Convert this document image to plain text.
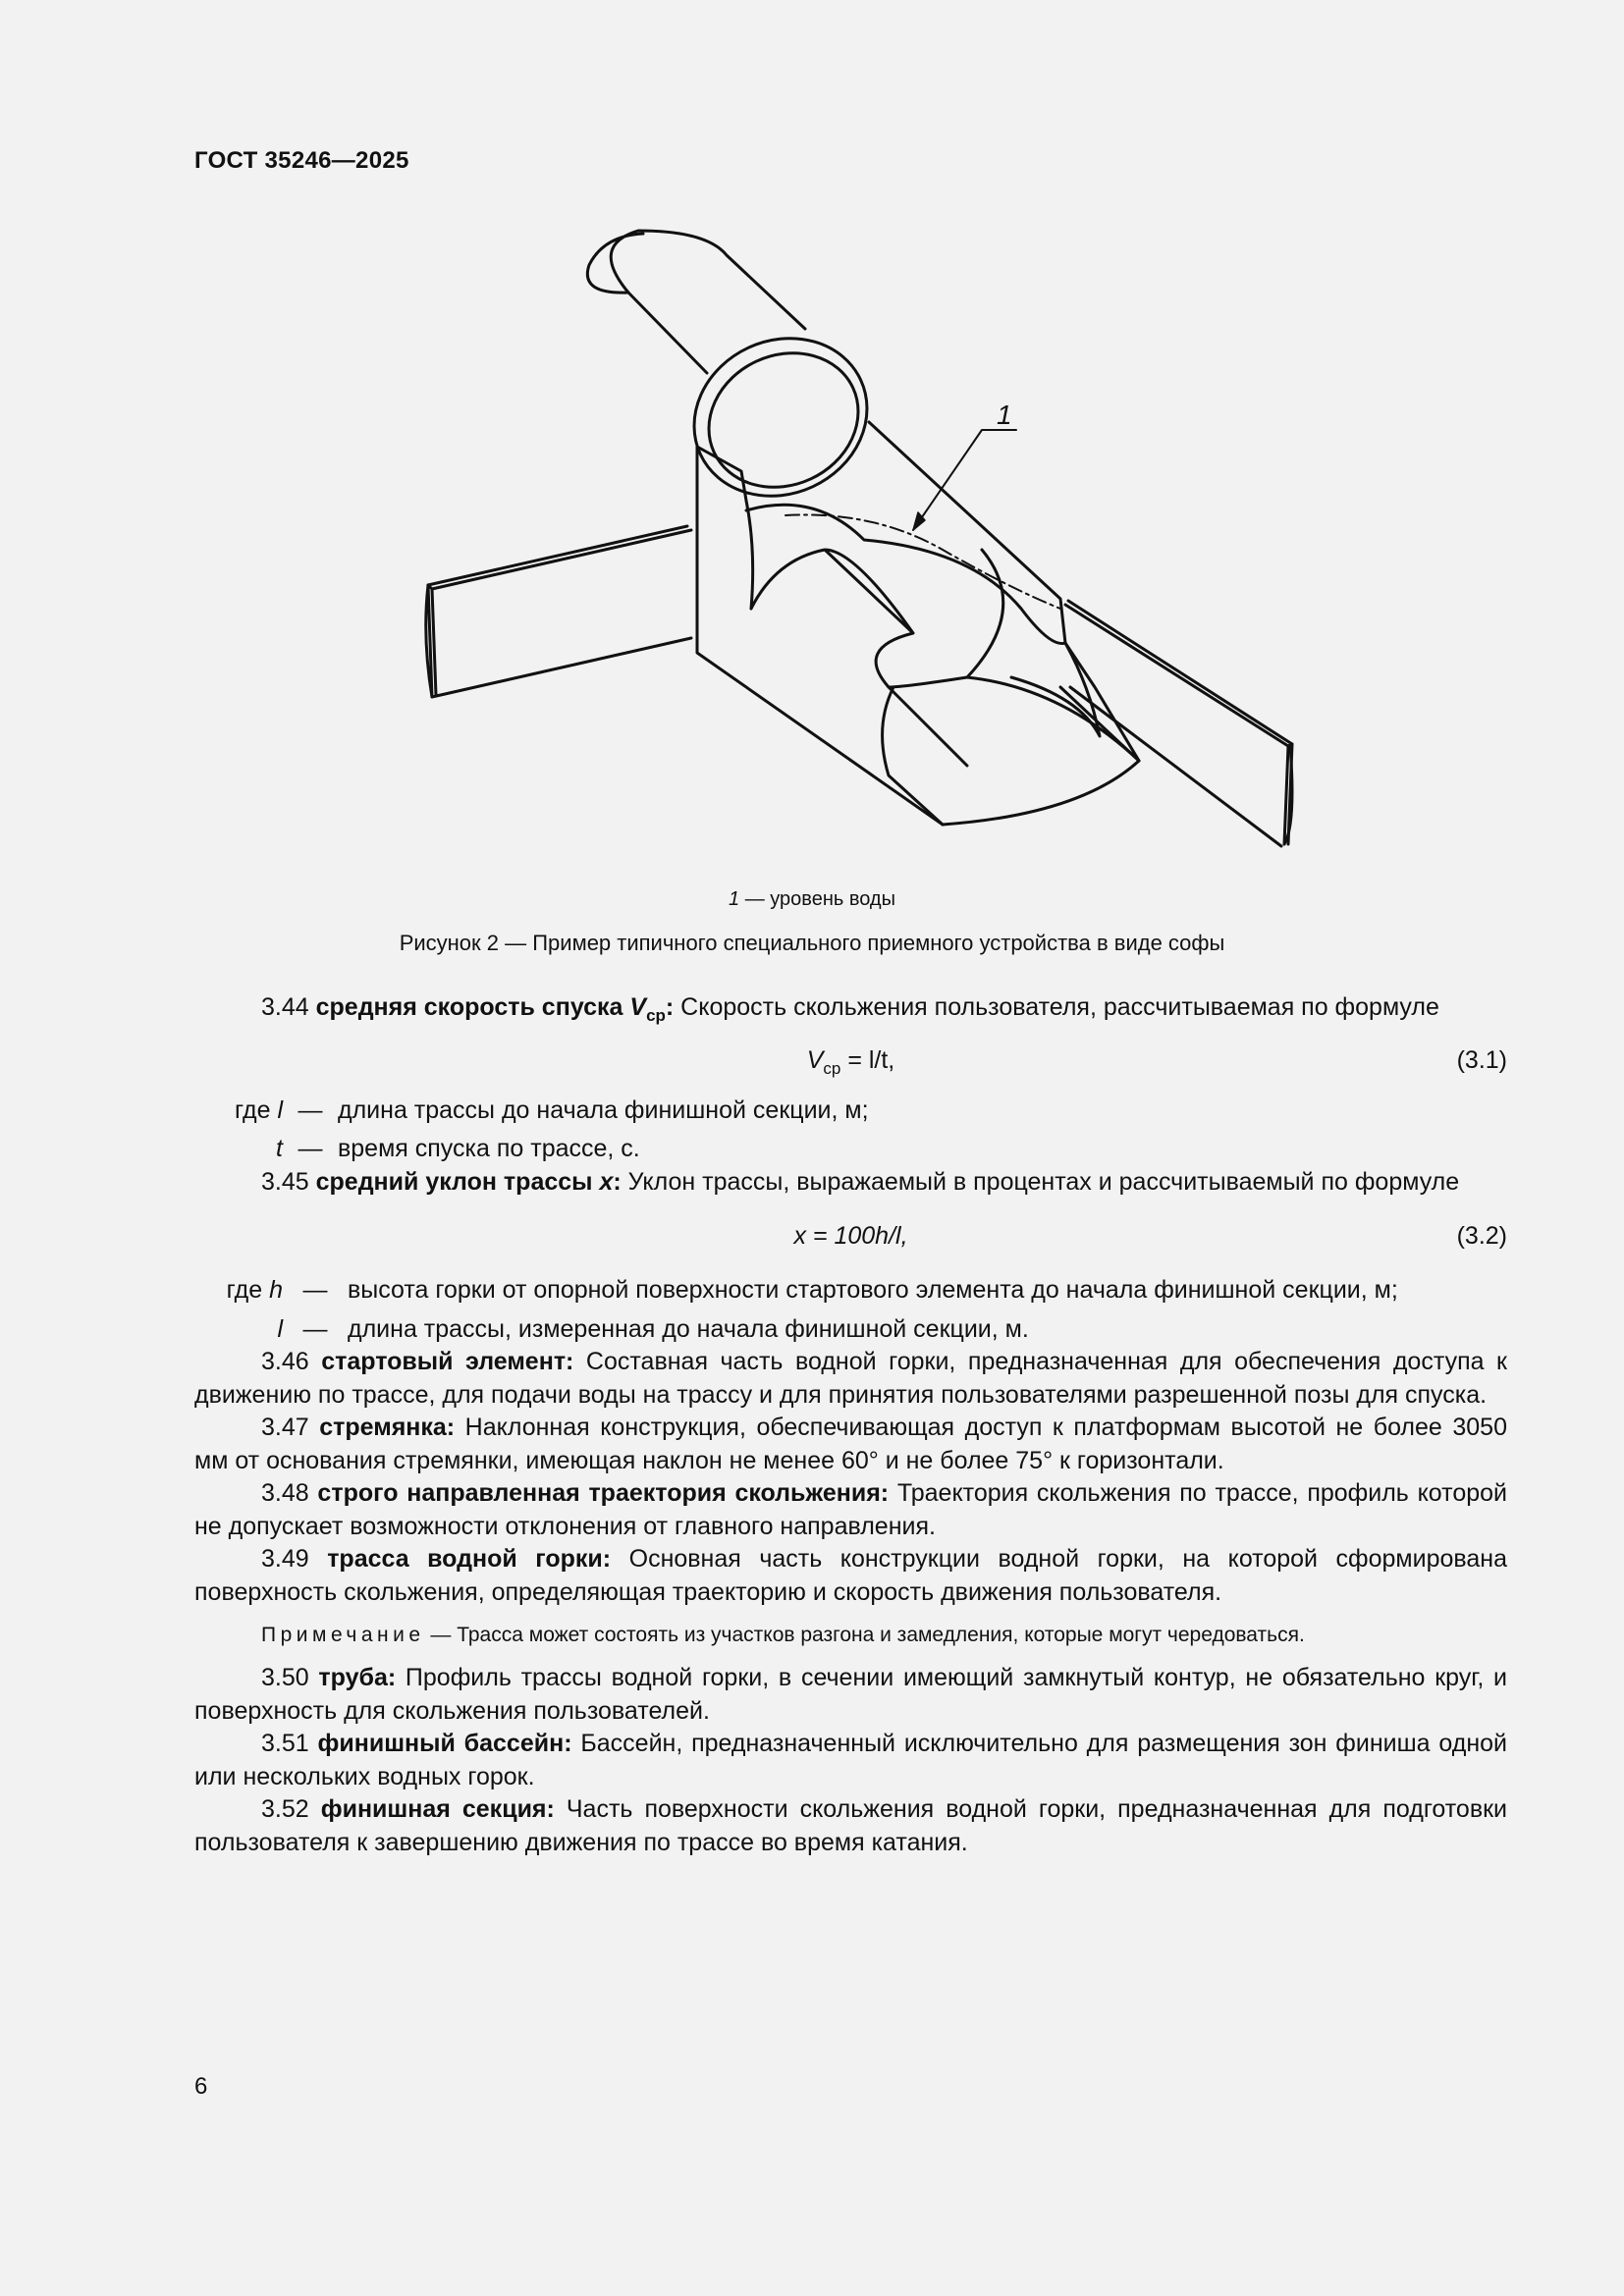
ГОСТ 35246—2025
1
1 — уровень воды
Рисунок 2 — Пример типичного специального приемного устройства в виде софы

3.44 средняя скорость спуска $V_{ср}$: Скорость скольжения пользователя, рассчитываемая по формуле

$V_{ср} = l/t$,	(3.1)
где l — длина трассы до начала финишной секции, м;
t — время спуска по трассе, с.

3.45 средний уклон трассы x: Уклон трассы, выражаемый в процентах и рассчитываемый по формуле

x = 100h/l,	(3.2)
где h — высота горки от опорной поверхности стартового элемента до начала финишной секции, м;
l — длина трассы, измеренная до начала финишной секции, м.

3.46 стартовый элемент: Составная часть водной горки, предназначенная для обеспечения доступа к движению по трассе, для подачи воды на трассу и для принятия пользователями разрешенной позы для спуска.

3.47 стремянка: Наклонная конструкция, обеспечивающая доступ к платформам высотой не более 3050 мм от основания стремянки, имеющая наклон не менее 60° и не более 75° к горизонтали.

3.48 строго направленная траектория скольжения: Траектория скольжения по трассе, профиль которой не допускает возможности отклонения от главного направления.

3.49 трасса водной горки: Основная часть конструкции водной горки, на которой сформирована поверхность скольжения, определяющая траекторию и скорость движения пользователя.

Примечание — Трасса может состоять из участков разгона и замедления, которые могут чередоваться.

3.50 труба: Профиль трассы водной горки, в сечении имеющий замкнутый контур, не обязательно круг, и поверхность для скольжения пользователей.

3.51 финишный бассейн: Бассейн, предназначенный исключительно для размещения зон финиша одной или нескольких водных горок.

3.52 финишная секция: Часть поверхности скольжения водной горки, предназначенная для подготовки пользователя к завершению движения по трассе во время катания.

6
